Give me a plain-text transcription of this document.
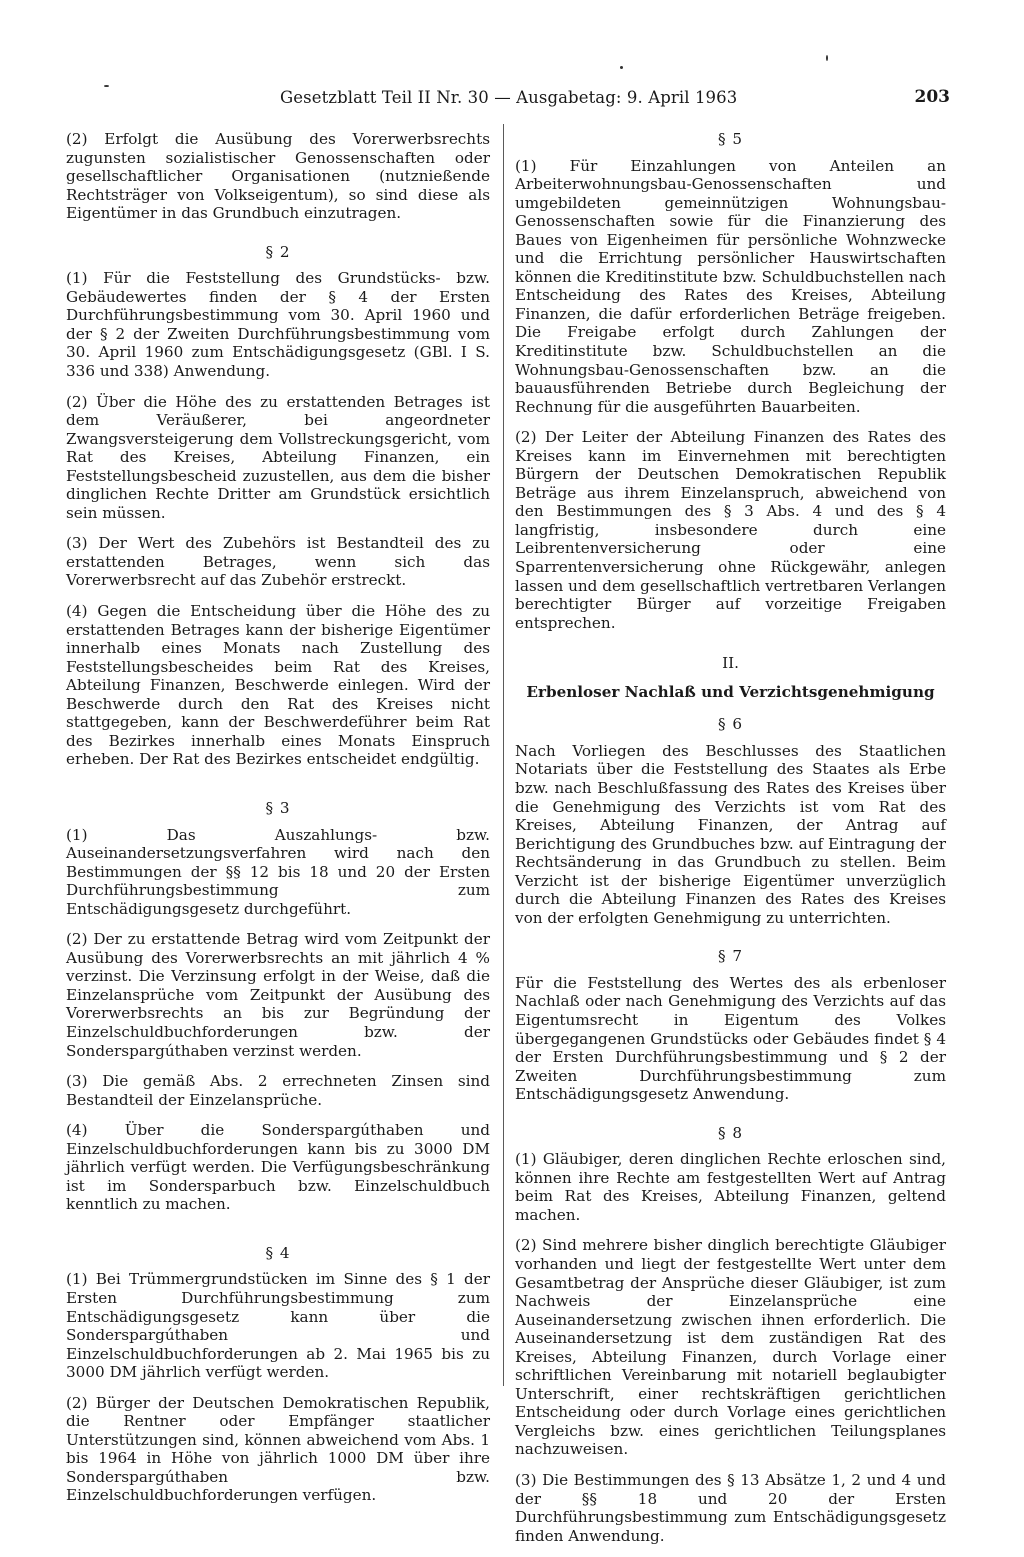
Gesetzblatt Teil II Nr. 30 — Ausgabetag: 9. April 1963	203

(2) Erfolgt die Ausübung des Vorerwerbsrechts zugunsten sozialistischer Genossenschaften oder gesellschaftlicher Organisationen (nutznießende Rechtsträger von Volkseigentum), so sind diese als Eigentümer in das Grundbuch einzutragen.

§ 2

(1) Für die Feststellung des Grundstücks- bzw. Gebäudewertes finden der § 4 der Ersten Durchführungsbestimmung vom 30. April 1960 und der § 2 der Zweiten Durchführungsbestimmung vom 30. April 1960 zum Entschädigungsgesetz (GBl. I S. 336 und 338) Anwendung.

(2) Über die Höhe des zu erstattenden Betrages ist dem Veräußerer, bei angeordneter Zwangsversteigerung dem Vollstreckungsgericht, vom Rat des Kreises, Abteilung Finanzen, ein Feststellungsbescheid zuzustellen, aus dem die bisher dinglichen Rechte Dritter am Grundstück ersichtlich sein müssen.

(3) Der Wert des Zubehörs ist Bestandteil des zu erstattenden Betrages, wenn sich das Vorerwerbsrecht auf das Zubehör erstreckt.

(4) Gegen die Entscheidung über die Höhe des zu erstattenden Betrages kann der bisherige Eigentümer innerhalb eines Monats nach Zustellung des Feststellungsbescheides beim Rat des Kreises, Abteilung Finanzen, Beschwerde einlegen. Wird der Beschwerde durch den Rat des Kreises nicht stattgegeben, kann der Beschwerdeführer beim Rat des Bezirkes innerhalb eines Monats Einspruch erheben. Der Rat des Bezirkes entscheidet endgültig.

§ 3

(1) Das Auszahlungs- bzw. Auseinandersetzungsverfahren wird nach den Bestimmungen der §§ 12 bis 18 und 20 der Ersten Durchführungsbestimmung zum Entschädigungsgesetz durchgeführt.

(2) Der zu erstattende Betrag wird vom Zeitpunkt der Ausübung des Vorerwerbsrechts an mit jährlich 4 % verzinst. Die Verzinsung erfolgt in der Weise, daß die Einzelansprüche vom Zeitpunkt der Ausübung des Vorerwerbsrechts an bis zur Begründung der Einzelschuldbuchforderungen bzw. der Sonderspargúthaben verzinst werden.

(3) Die gemäß Abs. 2 errechneten Zinsen sind Bestandteil der Einzelansprüche.

(4) Über die Sonderspargúthaben und Einzelschuldbuchforderungen kann bis zu 3000 DM jährlich verfügt werden. Die Verfügungsbeschränkung ist im Sondersparbuch bzw. Einzelschuldbuch kenntlich zu machen.

§ 4

(1) Bei Trümmergrundstücken im Sinne des § 1 der Ersten Durchführungsbestimmung zum Entschädigungsgesetz kann über die Sonderspargúthaben und Einzelschuldbuchforderungen ab 2. Mai 1965 bis zu 3000 DM jährlich verfügt werden.

(2) Bürger der Deutschen Demokratischen Republik, die Rentner oder Empfänger staatlicher Unterstützungen sind, können abweichend vom Abs. 1 bis 1964 in Höhe von jährlich 1000 DM über ihre Sonderspargúthaben bzw. Einzelschuldbuchforderungen verfügen.

§ 5

(1) Für Einzahlungen von Anteilen an Arbeiterwohnungsbau-Genossenschaften und umgebildeten gemeinnützigen Wohnungsbau-Genossenschaften sowie für die Finanzierung des Baues von Eigenheimen für persönliche Wohnzwecke und die Errichtung persönlicher Hauswirtschaften können die Kreditinstitute bzw. Schuldbuchstellen nach Entscheidung des Rates des Kreises, Abteilung Finanzen, die dafür erforderlichen Beträge freigeben. Die Freigabe erfolgt durch Zahlungen der Kreditinstitute bzw. Schuldbuchstellen an die Wohnungsbau-Genossenschaften bzw. an die bauausführenden Betriebe durch Begleichung der Rechnung für die ausgeführten Bauarbeiten.

(2) Der Leiter der Abteilung Finanzen des Rates des Kreises kann im Einvernehmen mit berechtigten Bürgern der Deutschen Demokratischen Republik Beträge aus ihrem Einzelanspruch, abweichend von den Bestimmungen des § 3 Abs. 4 und des § 4 langfristig, insbesondere durch eine Leibrentenversicherung oder eine Sparrentenversicherung ohne Rückgewähr, anlegen lassen und dem gesellschaftlich vertretbaren Verlangen berechtigter Bürger auf vorzeitige Freigaben entsprechen.

II.
Erbenloser Nachlaß und Verzichtsgenehmigung
§ 6

Nach Vorliegen des Beschlusses des Staatlichen Notariats über die Feststellung des Staates als Erbe bzw. nach Beschlußfassung des Rates des Kreises über die Genehmigung des Verzichts ist vom Rat des Kreises, Abteilung Finanzen, der Antrag auf Berichtigung des Grundbuches bzw. auf Eintragung der Rechtsänderung in das Grundbuch zu stellen. Beim Verzicht ist der bisherige Eigentümer unverzüglich durch die Abteilung Finanzen des Rates des Kreises von der erfolgten Genehmigung zu unterrichten.

§ 7

Für die Feststellung des Wertes des als erbenloser Nachlaß oder nach Genehmigung des Verzichts auf das Eigentumsrecht in Eigentum des Volkes übergegangenen Grundstücks oder Gebäudes findet § 4 der Ersten Durchführungsbestimmung und § 2 der Zweiten Durchführungsbestimmung zum Entschädigungsgesetz Anwendung.

§ 8

(1) Gläubiger, deren dinglichen Rechte erloschen sind, können ihre Rechte am festgestellten Wert auf Antrag beim Rat des Kreises, Abteilung Finanzen, geltend machen.

(2) Sind mehrere bisher dinglich berechtigte Gläubiger vorhanden und liegt der festgestellte Wert unter dem Gesamtbetrag der Ansprüche dieser Gläubiger, ist zum Nachweis der Einzelansprüche eine Auseinandersetzung zwischen ihnen erforderlich. Die Auseinandersetzung ist dem zuständigen Rat des Kreises, Abteilung Finanzen, durch Vorlage einer schriftlichen Vereinbarung mit notariell beglaubigter Unterschrift, einer rechtskräftigen gerichtlichen Entscheidung oder durch Vorlage eines gerichtlichen Vergleichs bzw. eines gerichtlichen Teilungsplanes nachzuweisen.

(3) Die Bestimmungen des § 13 Absätze 1, 2 und 4 und der §§ 18 und 20 der Ersten Durchführungsbestimmung zum Entschädigungsgesetz finden Anwendung.
